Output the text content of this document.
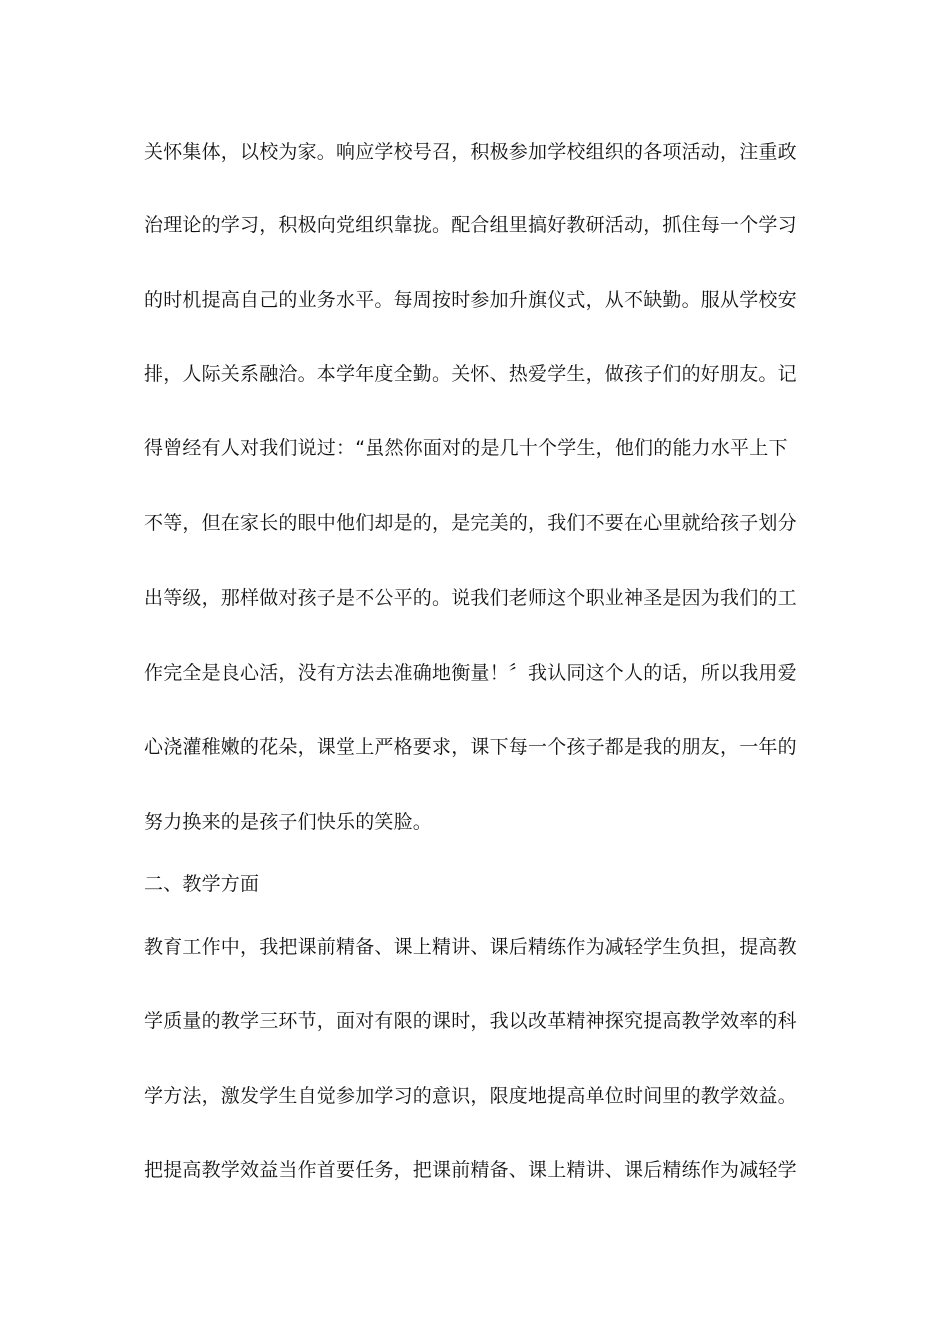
关怀集体，以校为家。响应学校号召，积极参加学校组织的各项活动，注重政
治理论的学习，积极向党组织靠拢。配合组里搞好教研活动，抓住每一个学习
的时机提高自己的业务水平。每周按时参加升旗仪式，从不缺勤。服从学校安
排，人际关系融洽。本学年度全勤。关怀、热爱学生，做孩子们的好朋友。记
得曾经有人对我们说过：“虽然你面对的是几十个学生，他们的能力水平上下
不等，但在家长的眼中他们却是的，是完美的，我们不要在心里就给孩子划分
出等级，那样做对孩子是不公平的。说我们老师这个职业神圣是因为我们的工
作完全是良心活，没有方法去准确地衡量！〞我认同这个人的话，所以我用爱
心浇灌稚嫩的花朵，课堂上严格要求，课下每一个孩子都是我的朋友，一年的
努力换来的是孩子们快乐的笑脸。
二、教学方面
教育工作中，我把课前精备、课上精讲、课后精练作为减轻学生负担，提高教
学质量的教学三环节，面对有限的课时，我以改革精神探究提高教学效率的科
学方法，激发学生自觉参加学习的意识，限度地提高单位时间里的教学效益。
把提高教学效益当作首要任务，把课前精备、课上精讲、课后精练作为减轻学
